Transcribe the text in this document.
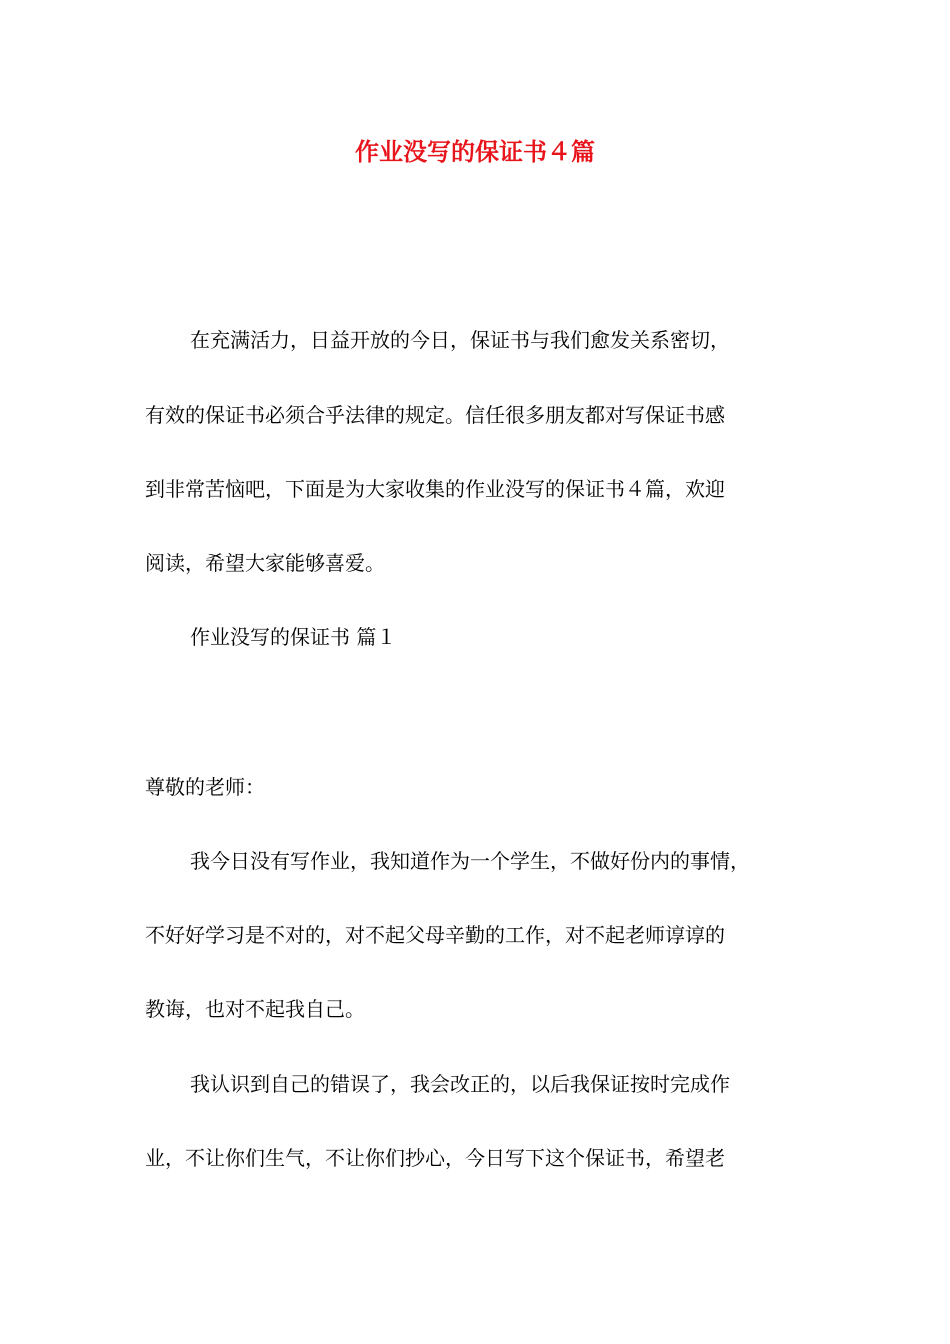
作业没写的保证书４篇
在充满活力，日益开放的今日，保证书与我们愈发关系密切，
有效的保证书必须合乎法律的规定。信任很多朋友都对写保证书感
到非常苦恼吧，下面是为大家收集的作业没写的保证书４篇，欢迎
阅读，希望大家能够喜爱。
作业没写的保证书 篇１
尊敬的老师：
我今日没有写作业，我知道作为一个学生，不做好份内的事情，
不好好学习是不对的，对不起父母辛勤的工作，对不起老师谆谆的
教诲，也对不起我自己。
我认识到自己的错误了，我会改正的，以后我保证按时完成作
业，不让你们生气，不让你们抄心，今日写下这个保证书，希望老
